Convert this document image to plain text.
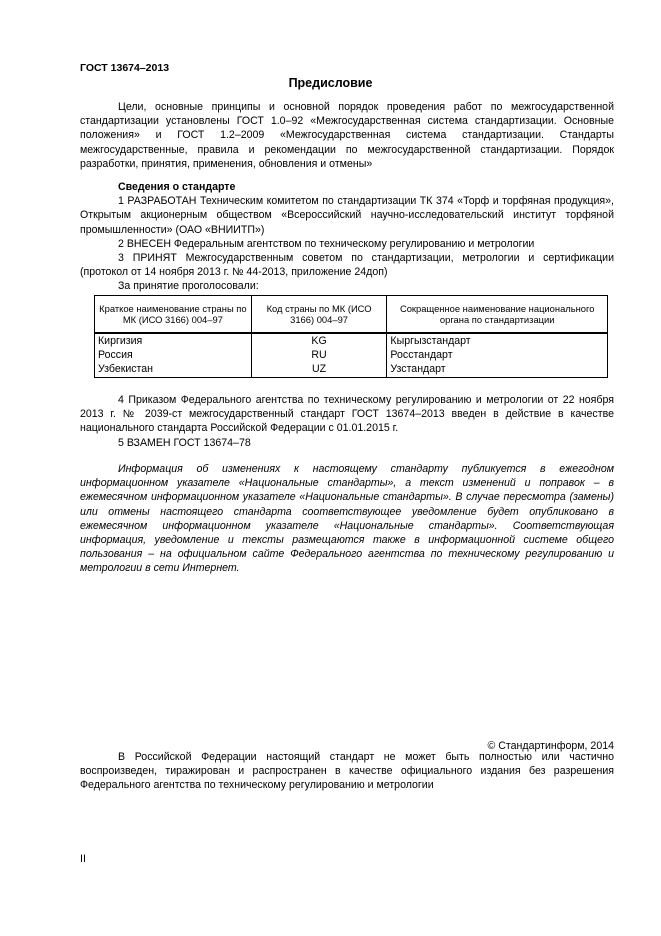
ГОСТ 13674–2013
Предисловие

Цели, основные принципы и основной порядок проведения работ по межгосударственной стандартизации установлены ГОСТ 1.0–92 «Межгосударственная система стандартизации. Основные положения» и ГОСТ 1.2–2009 «Межгосударственная система стандартизации. Стандарты межгосударственные, правила и рекомендации по межгосударственной стандартизации. Порядок разработки, принятия, применения, обновления и отмены»

Сведения о стандарте

1 РАЗРАБОТАН Техническим комитетом по стандартизации ТК 374 «Торф и торфяная продукция», Открытым акционерным обществом «Всероссийский научно-исследовательский институт торфяной промышленности» (ОАО «ВНИИТП»)

2 ВНЕСЕН Федеральным агентством по техническому регулированию и метрологии

3 ПРИНЯТ Межгосударственным советом по стандартизации, метрологии и сертификации (протокол от 14 ноября 2013 г. № 44-2013, приложение 24доп)

За принятие проголосовали:

Краткое наименование страны по МК (ИСО 3166) 004–97	Код страны по МК (ИСО 3166) 004–97	Сокращенное наименование национального органа по стандартизации
Киргизия	KG	Кыргызстандарт
Россия	RU	Росстандарт
Узбекистан	UZ	Узстандарт

4 Приказом Федерального агентства по техническому регулированию и метрологии от 22 ноября 2013 г. № 2039-ст межгосударственный стандарт ГОСТ 13674–2013 введен в действие в качестве национального стандарта Российской Федерации с 01.01.2015 г.

5 ВЗАМЕН ГОСТ 13674–78

Информация об изменениях к настоящему стандарту публикуется в ежегодном информационном указателе «Национальные стандарты», а текст изменений и поправок – в ежемесячном информационном указателе «Национальные стандарты». В случае пересмотра (замены) или отмены настоящего стандарта соответствующее уведомление будет опубликовано в ежемесячном информационном указателе «Национальные стандарты». Соответствующая информация, уведомление и тексты размещаются также в информационной системе общего пользования – на официальном сайте Федерального агентства по техническому регулированию и метрологии в сети Интернет.

© Стандартинформ, 2014

В Российской Федерации настоящий стандарт не может быть полностью или частично воспроизведен, тиражирован и распространен в качестве официального издания без разрешения Федерального агентства по техническому регулированию и метрологии

II
